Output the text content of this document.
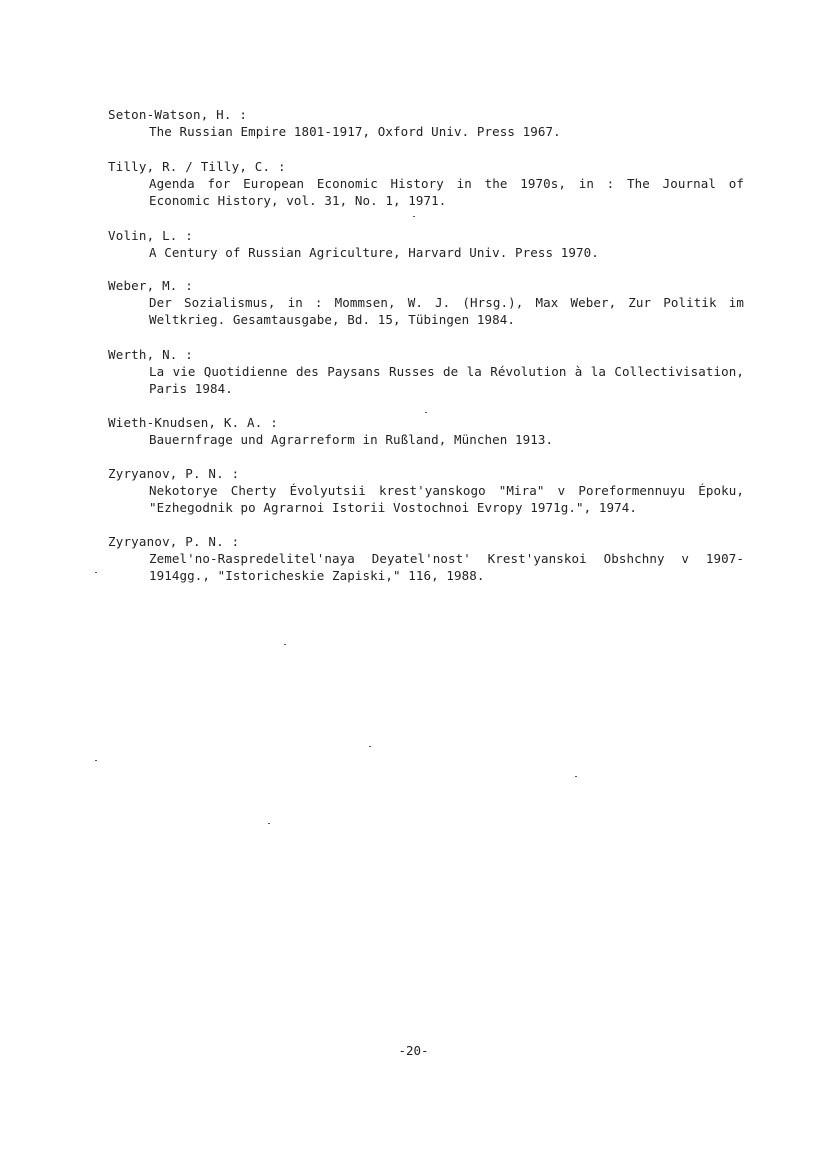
Seton-Watson, H. :
The Russian Empire 1801-1917, Oxford Univ. Press 1967.
Tilly, R. / Tilly, C. :
Agenda for European Economic History in the 1970s, in : The Journal of Economic History, vol. 31, No. 1, 1971.
Volin, L. :
A Century of Russian Agriculture, Harvard Univ. Press 1970.
Weber, M. :
Der Sozialismus, in : Mommsen, W. J. (Hrsg.), Max Weber, Zur Politik im Weltkrieg. Gesamtausgabe, Bd. 15, Tübingen 1984.
Werth, N. :
La vie Quotidienne des Paysans Russes de la Révolution à la Collectivisation, Paris 1984.
Wieth-Knudsen, K. A. :
Bauernfrage und Agrarreform in Rußland, München 1913.
Zyryanov, P. N. :
Nekotorye Cherty Évolyutsii krest'yanskogo "Mira" v Poreformennuyu Époku, "Ezhegodnik po Agrarnoi Istorii Vostochnoi Evropy 1971g.", 1974.
Zyryanov, P. N. :
Zemel'no-Raspredelitel'naya Deyatel'nost' Krest'yanskoi Obshchny v 1907-1914gg., "Istoricheskie Zapiski," 116, 1988.
-20-
